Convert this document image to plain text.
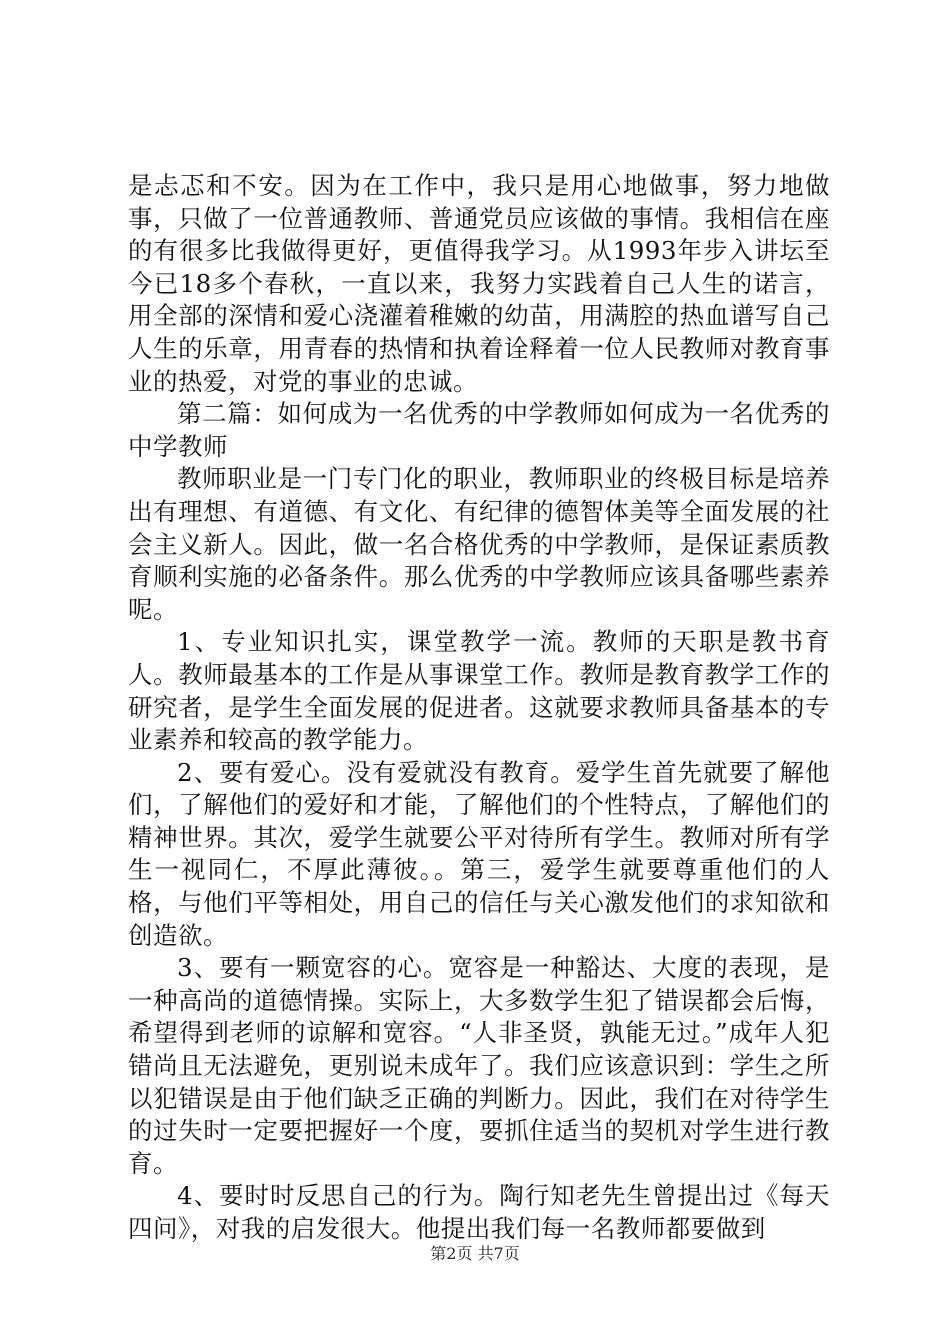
是忐忑和不安。因为在工作中，我只是用心地做事，努力地做事，只做了一位普通教师、普通党员应该做的事情。我相信在座的有很多比我做得更好，更值得我学习。从1993年步入讲坛至今已18多个春秋，一直以来，我努力实践着自己人生的诺言，用全部的深情和爱心浇灌着稚嫩的幼苗，用满腔的热血谱写自己人生的乐章，用青春的热情和执着诠释着一位人民教师对教育事业的热爱，对党的事业的忠诚。

第二篇：如何成为一名优秀的中学教师如何成为一名优秀的中学教师

教师职业是一门专门化的职业，教师职业的终极目标是培养出有理想、有道德、有文化、有纪律的德智体美等全面发展的社会主义新人。因此，做一名合格优秀的中学教师，是保证素质教育顺利实施的必备条件。那么优秀的中学教师应该具备哪些素养呢。

1、专业知识扎实，课堂教学一流。教师的天职是教书育人。教师最基本的工作是从事课堂工作。教师是教育教学工作的研究者，是学生全面发展的促进者。这就要求教师具备基本的专业素养和较高的教学能力。

2、要有爱心。没有爱就没有教育。爱学生首先就要了解他们，了解他们的爱好和才能，了解他们的个性特点，了解他们的精神世界。其次，爱学生就要公平对待所有学生。教师对所有学生一视同仁，不厚此薄彼。。第三，爱学生就要尊重他们的人格，与他们平等相处，用自己的信任与关心激发他们的求知欲和创造欲。

3、要有一颗宽容的心。宽容是一种豁达、大度的表现，是一种高尚的道德情操。实际上，大多数学生犯了错误都会后悔，希望得到老师的谅解和宽容。“人非圣贤，孰能无过。”成年人犯错尚且无法避免，更别说未成年了。我们应该意识到：学生之所以犯错误是由于他们缺乏正确的判断力。因此，我们在对待学生的过失时一定要把握好一个度，要抓住适当的契机对学生进行教育。

4、要时时反思自己的行为。陶行知老先生曾提出过《每天四问》，对我的启发很大。他提出我们每一名教师都要做到

第2页 共7页
